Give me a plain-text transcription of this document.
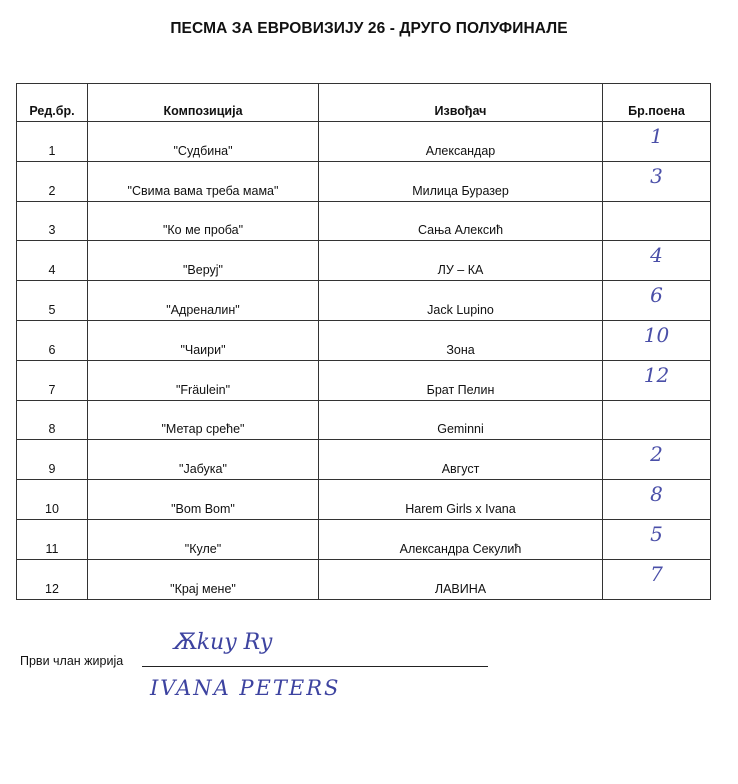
ПЕСМА ЗА ЕВРОВИЗИЈУ 26 - ДРУГО ПОЛУФИНАЛЕ
Ред.бр.	Композиција	Извођач	Бр.поена
1	"Судбина"	Александар	1

2	"Свима вама треба мама"	Милица Буразер	3

3	"Ко ме проба"	Сања Алексић	

4	"Веруј"	ЛУ – КА	4

5	"Адреналин"	Jack Lupino	6

6	"Чаири"	Зона	10

7	"Fräulein"	Брат Пелин	12

8	"Метар среће"	Geminni	

9	"Јабука"	Август	2

10	"Bom Bom"	Harem Girls x Ivana	8

11	"Куле"	Александра Секулић	5

12	"Крај мене"	ЛАВИНА	7
Први члан жирија
Ѫkuy Ry
IVANA PETERS
